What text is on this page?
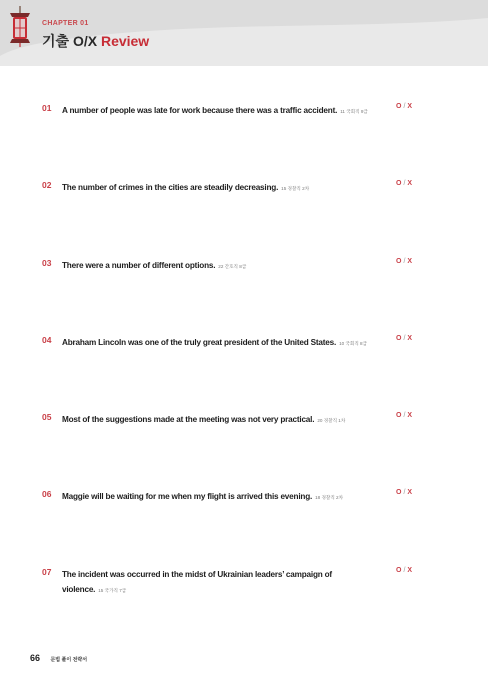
CHAPTER 01
기출 O/X Review
01 A number of people was late for work because there was a traffic accident. 11 국회직 9급
O / X
02 The number of crimes in the cities are steadily decreasing. 15 경찰직 2차
O / X
03 There were a number of different options. 22 간호직 8급
O / X
04 Abraham Lincoln was one of the truly great president of the United States. 10 국회직 8급
O / X
05 Most of the suggestions made at the meeting was not very practical. 20 경찰직 1차
O / X
06 Maggie will be waiting for me when my flight is arrived this evening. 18 경찰직 2차
O / X
07 The incident was occurred in the midst of Ukrainian leaders’ campaign of violence. 15 국가직 7급
O / X
66 문법 풀이 전략서
